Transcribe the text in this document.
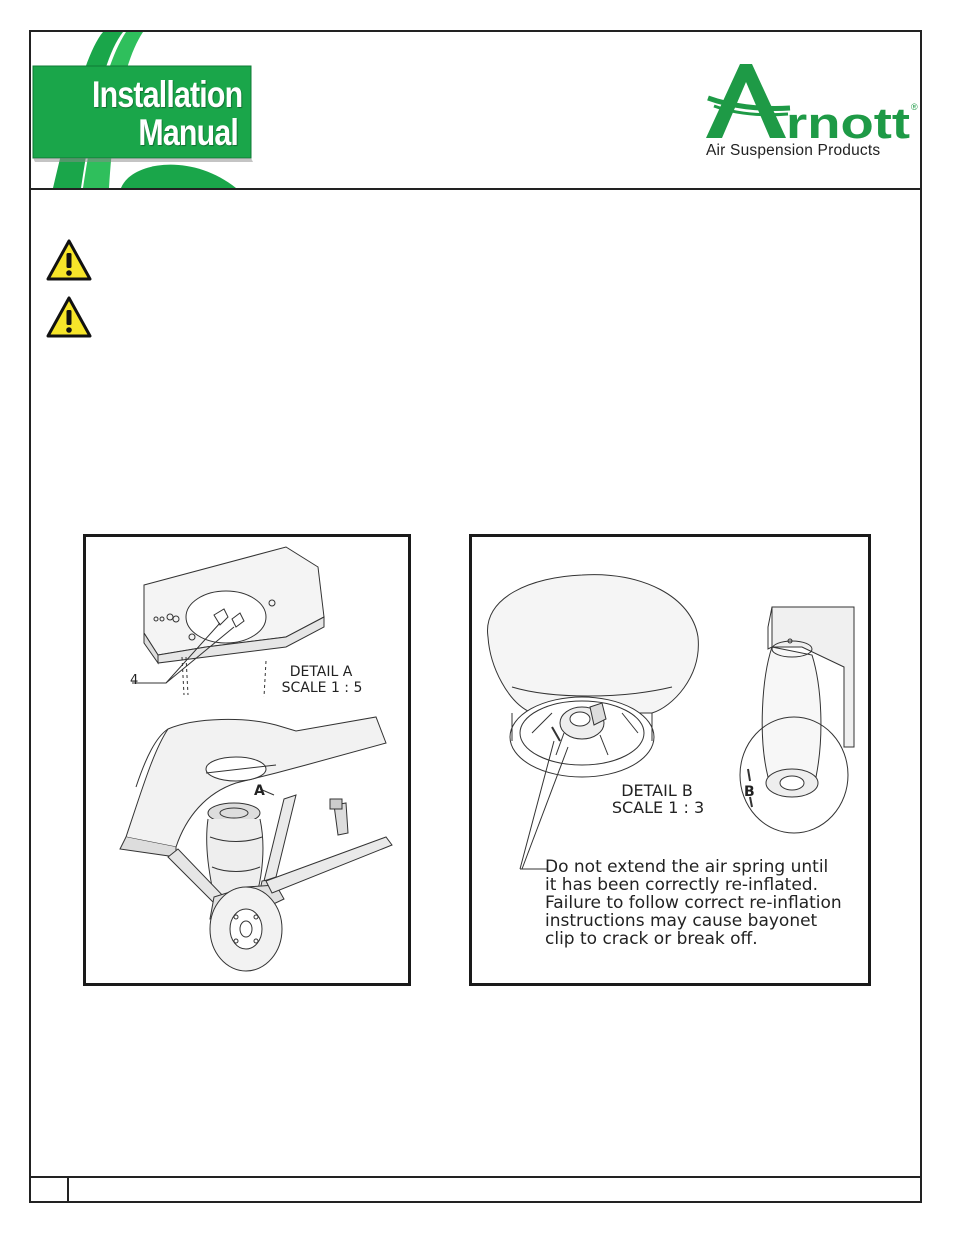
Installation
Manual	rnott ®
Air Suspension Products
4
DETAIL A
SCALE 1 : 5
A	DETAIL B
SCALE 1 : 3
B
Do not extend the air spring until
it has been correctly re-inflated.
Failure to follow correct re-inflation
instructions may cause bayonet
clip to crack or break off.
